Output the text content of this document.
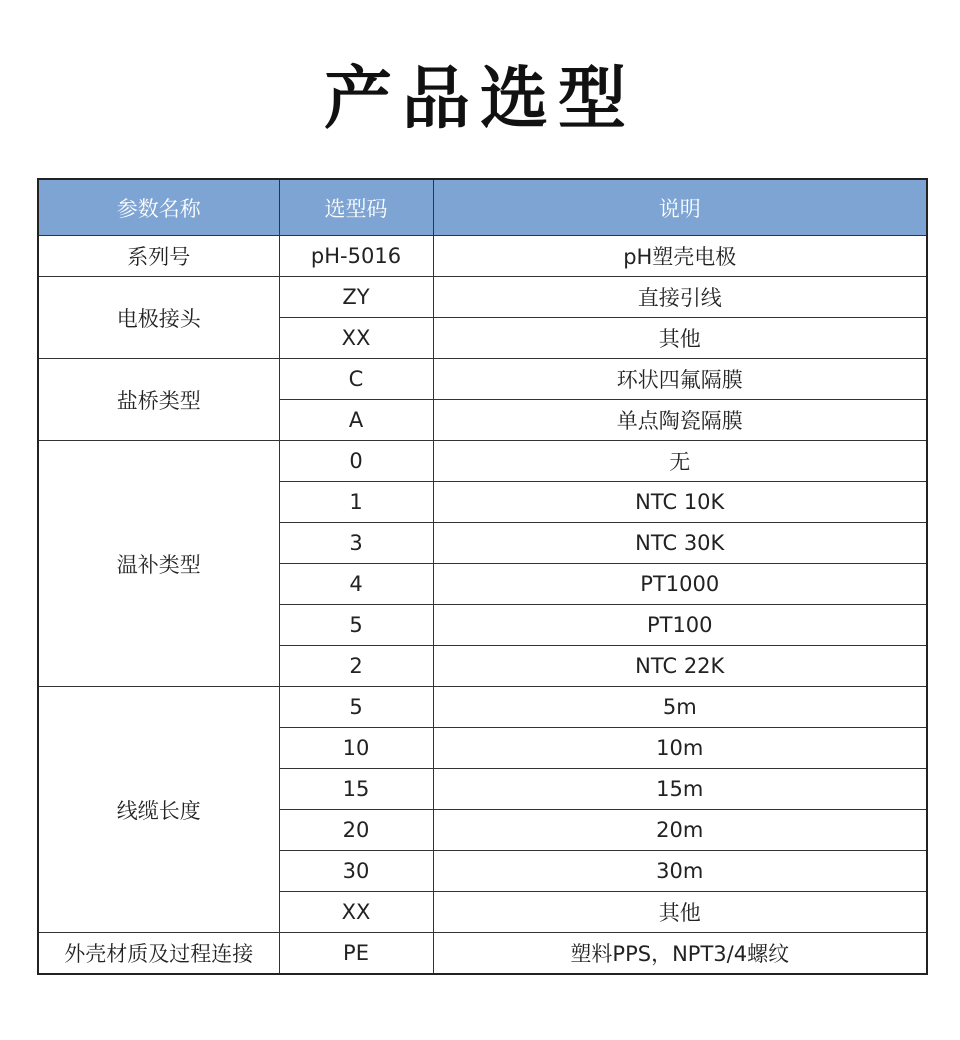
产品选型
参数名称	选型码	说明
系列号	pH-5016	pH塑壳电极
电极接头	ZY	直接引线
	XX	其他
盐桥类型	C	环状四氟隔膜
	A	单点陶瓷隔膜
温补类型	0	无
	1	NTC 10K
	3	NTC 30K
	4	PT1000
	5	PT100
	2	NTC 22K
线缆长度	5	5m
	10	10m
	15	15m
	20	20m
	30	30m
	XX	其他
外壳材质及过程连接	PE	塑料PPS，NPT3/4螺纹
